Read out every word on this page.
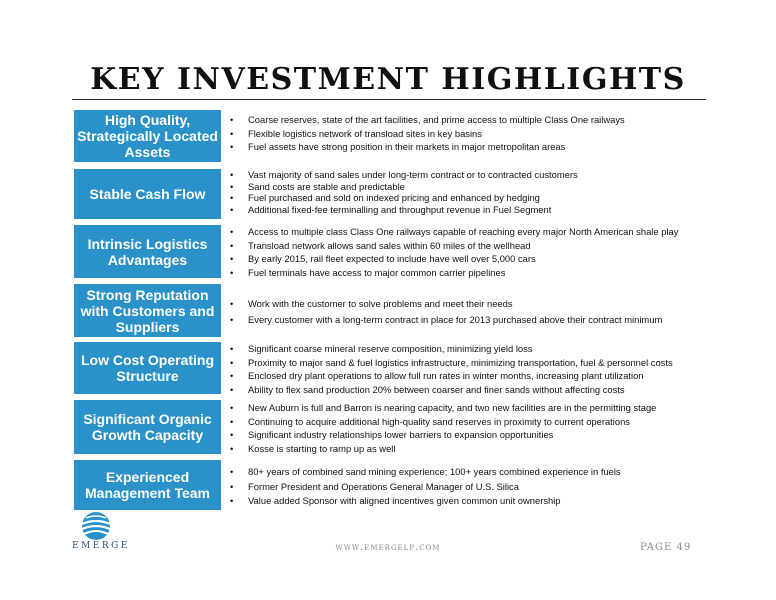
KEY INVESTMENT HIGHLIGHTS
High Quality, Strategically Located Assets
• Coarse reserves, state of the art facilities, and prime access to multiple Class One railways
• Flexible logistics network of transload sites in key basins
• Fuel assets have strong position in their markets in major metropolitan areas
Stable Cash Flow
• Vast majority of sand sales under long-term contract or to contracted customers
• Sand costs are stable and predictable
• Fuel purchased and sold on indexed pricing and enhanced by hedging
• Additional fixed-fee terminalling and throughput revenue in Fuel Segment
Intrinsic Logistics Advantages
• Access to multiple class Class One railways capable of reaching every major North American shale play
• Transload network allows sand sales within 60 miles of the wellhead
• By early 2015, rail fleet expected to include have well over 5,000 cars
• Fuel terminals have access to major common carrier pipelines
Strong Reputation with Customers and Suppliers
• Work with the customer to solve problems and meet their needs
• Every customer with a long-term contract in place for 2013 purchased above their contract minimum
Low Cost Operating Structure
• Significant coarse mineral reserve composition, minimizing yield loss
• Proximity to major sand & fuel logistics infrastructure, minimizing transportation, fuel & personnel costs
• Enclosed dry plant operations to allow full run rates in winter months, increasing plant utilization
• Ability to flex sand production 20% between coarser and finer sands without affecting costs
Significant Organic Growth Capacity
• New Auburn is full and Barron is nearing capacity, and two new facilities are in the permitting stage
• Continuing to acquire additional high-quality sand reserves in proximity to current operations
• Significant industry relationships lower barriers to expansion opportunities
• Kosse is starting to ramp up as well
Experienced Management Team
• 80+ years of combined sand mining experience; 100+ years combined experience in fuels
• Former President and Operations General Manager of U.S. Silica
• Value added Sponsor with aligned incentives given common unit ownership
EMERGE	www.emergelp.com	PAGE 49
